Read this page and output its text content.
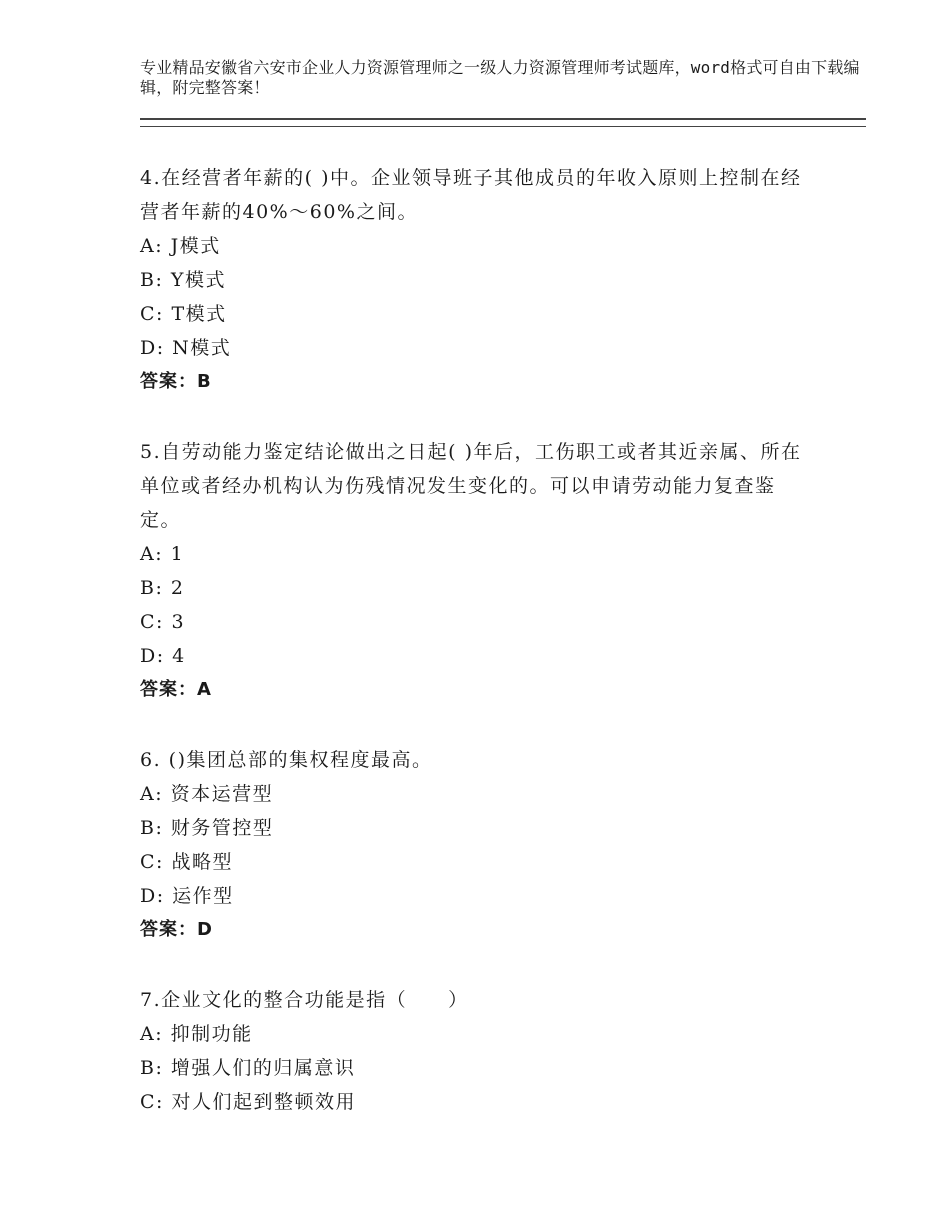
专业精品安徽省六安市企业人力资源管理师之一级人力资源管理师考试题库，word格式可自由下载编辑，附完整答案！

4.在经营者年薪的( )中。企业领导班子其他成员的年收入原则上控制在经营者年薪的40%～60%之间。

A: J模式

B: Y模式

C: T模式

D: N模式

答案：B

5.自劳动能力鉴定结论做出之日起( )年后，工伤职工或者其近亲属、所在单位或者经办机构认为伤残情况发生变化的。可以申请劳动能力复查鉴定。

A: 1

B: 2

C: 3

D: 4

答案：A

6. ()集团总部的集权程度最高。

A: 资本运营型

B: 财务管控型

C: 战略型

D: 运作型

答案：D

7.企业文化的整合功能是指（　　）

A: 抑制功能

B: 增强人们的归属意识

C: 对人们起到整顿效用
